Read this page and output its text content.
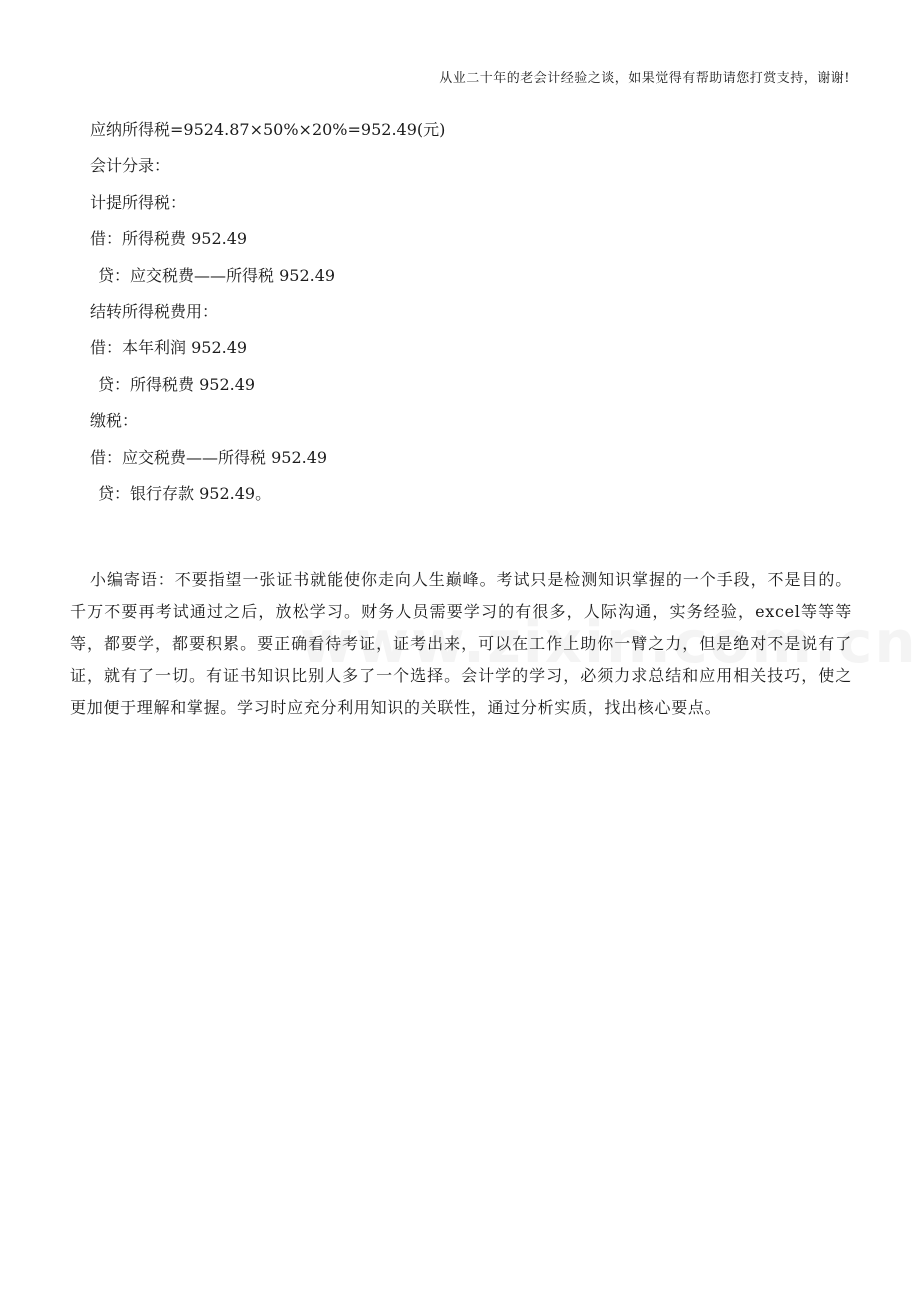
从业二十年的老会计经验之谈，如果觉得有帮助请您打赏支持，谢谢!
应纳所得税=9524.87×50%×20%=952.49(元)
会计分录：
计提所得税：
借：所得税费 952.49
贷：应交税费——所得税 952.49
结转所得税费用：
借：本年利润 952.49
贷：所得税费 952.49
缴税：
借：应交税费——所得税 952.49
贷：银行存款 952.49。

小编寄语：不要指望一张证书就能使你走向人生巅峰。考试只是检测知识掌握的一个手段，不是目的。千万不要再考试通过之后，放松学习。财务人员需要学习的有很多，人际沟通，实务经验，excel等等等等，都要学，都要积累。要正确看待考证，证考出来，可以在工作上助你一臂之力，但是绝对不是说有了证，就有了一切。有证书知识比别人多了一个选择。会计学的学习，必须力求总结和应用相关技巧，使之更加便于理解和掌握。学习时应充分利用知识的关联性，通过分析实质，找出核心要点。
